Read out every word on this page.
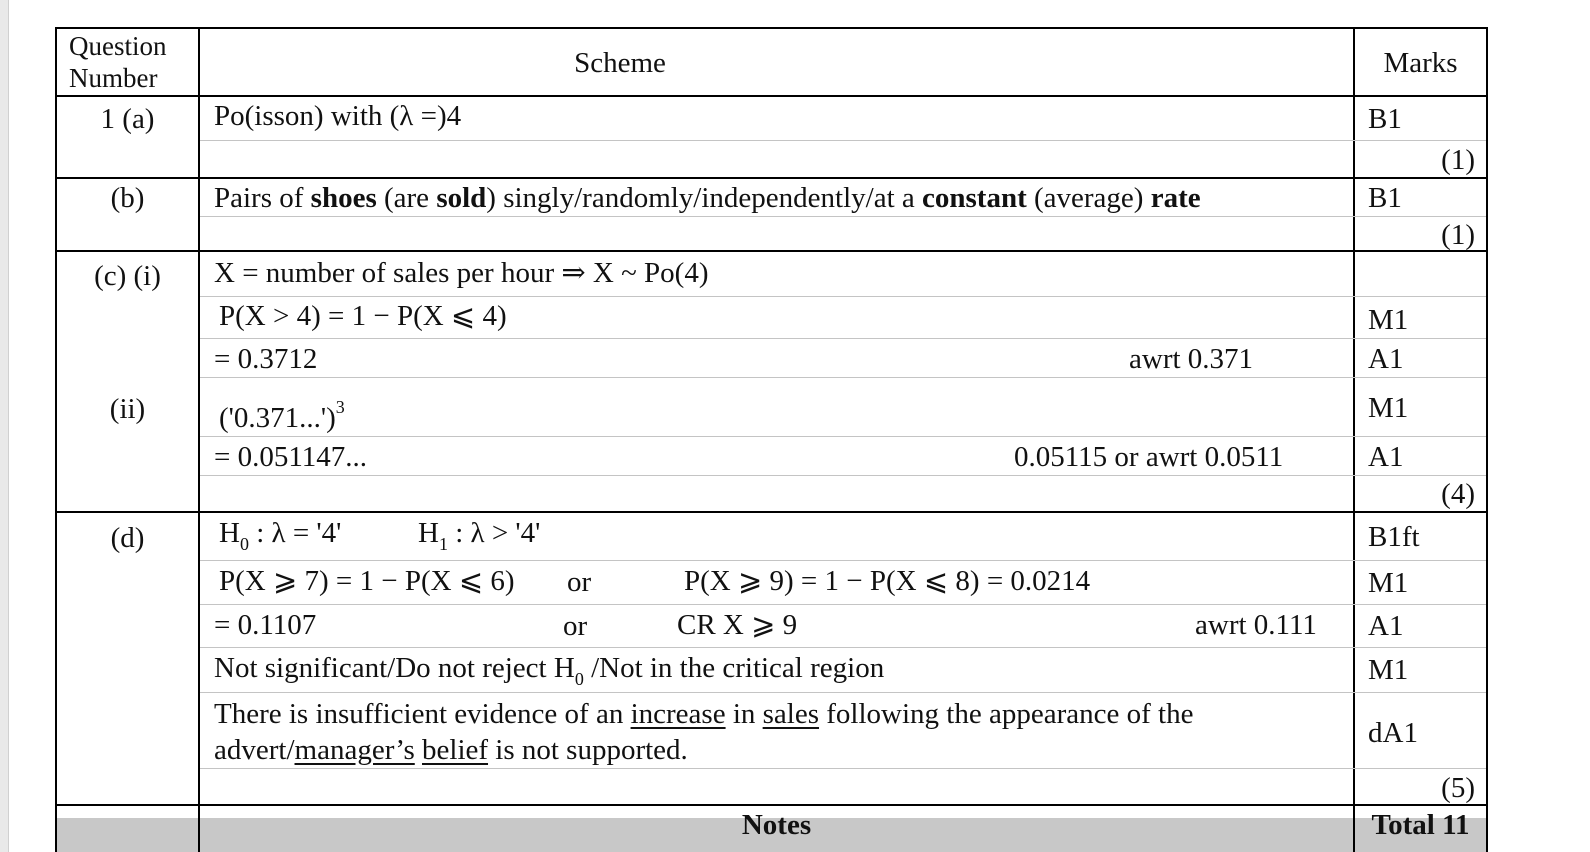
Question
Number	Scheme	Marks
1 (a)	Po(isson) with (λ =)4	B1
(1)
(b)	Pairs of shoes (are sold) singly/randomly/independently/at a constant (average) rate	B1
(1)
(c) (i)	X = number of sales per hour ⇒ X ~ Po(4)
P(X > 4) = 1 − P(X ⩽ 4)	M1
= 0.3712	awrt 0.371	A1
(ii)	$('0.371...')^3$	M1
= 0.051147...	0.05115 or awrt 0.0511	A1
(4)
(d)	$H_0$ : λ = '4'	$H_1$ : λ > '4'	B1ft
P(X ⩾ 7) = 1 − P(X ⩽ 6) or	P(X ⩾ 9) = 1 − P(X ⩽ 8) = 0.0214	M1
= 0.1107	or	CR X ⩾ 9	awrt 0.111 A1
Not significant/Do not reject $H_0$ /Not in the critical region	M1
There is insufficient evidence of an increase in sales following the appearance of the
advert/manager’s belief is not supported.
dA1
(5)
Notes	Total 11
